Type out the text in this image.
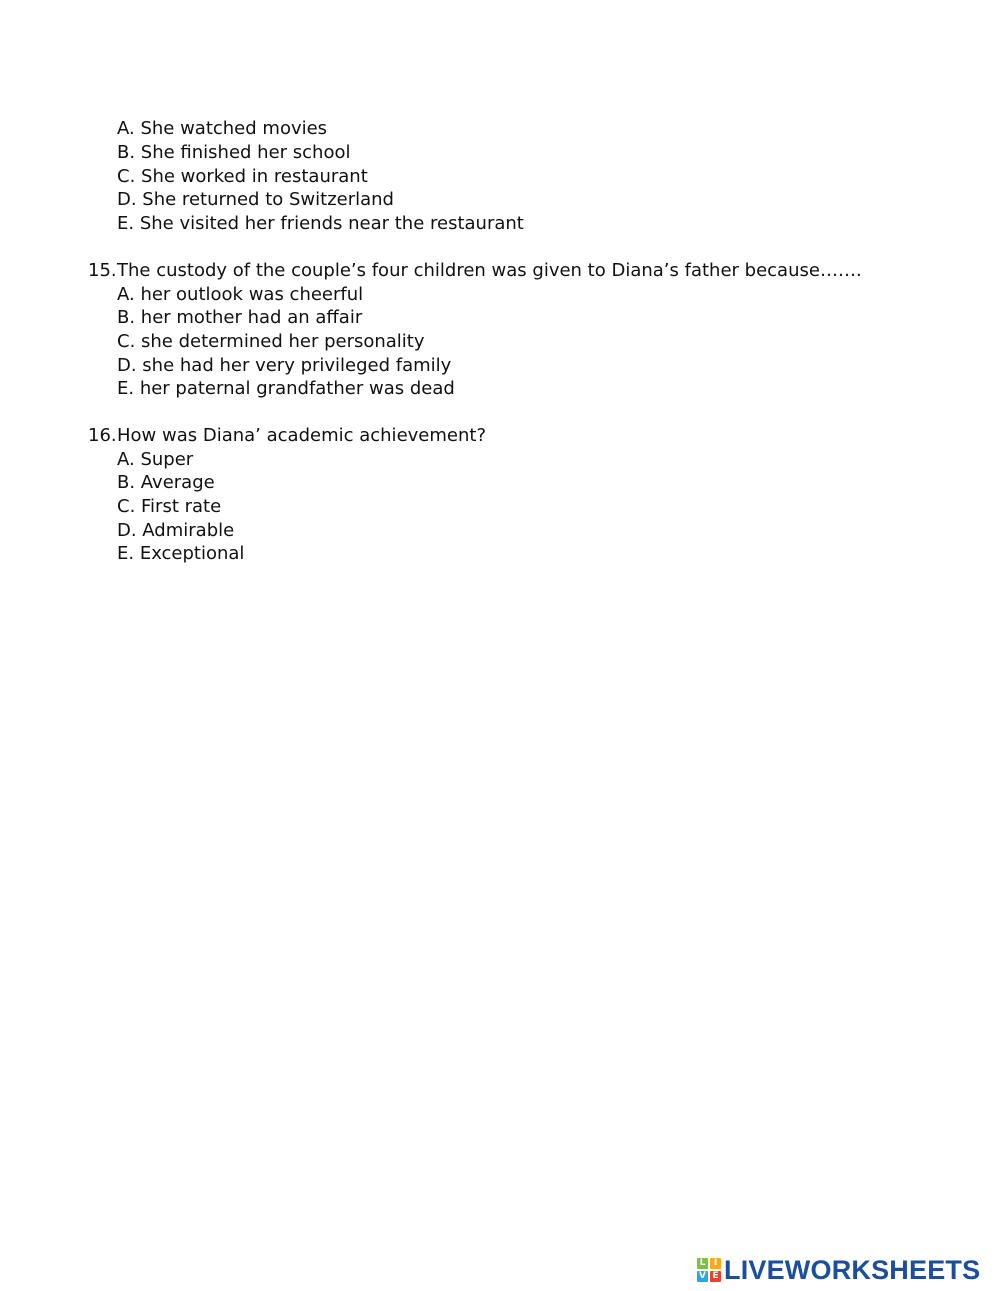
A. She watched movies
B. She finished her school
C. She worked in restaurant
D. She returned to Switzerland
E. She visited her friends near the restaurant
15. The custody of the couple’s four children was given to Diana’s father because…….
A. her outlook was cheerful
B. her mother had an affair
C. she determined her personality
D. she had her very privileged family
E. her paternal grandfather was dead
16. How was Diana’ academic achievement?
A. Super
B. Average
C. First rate
D. Admirable
E. Exceptional
L I
V E LIVEWORKSHEETS
